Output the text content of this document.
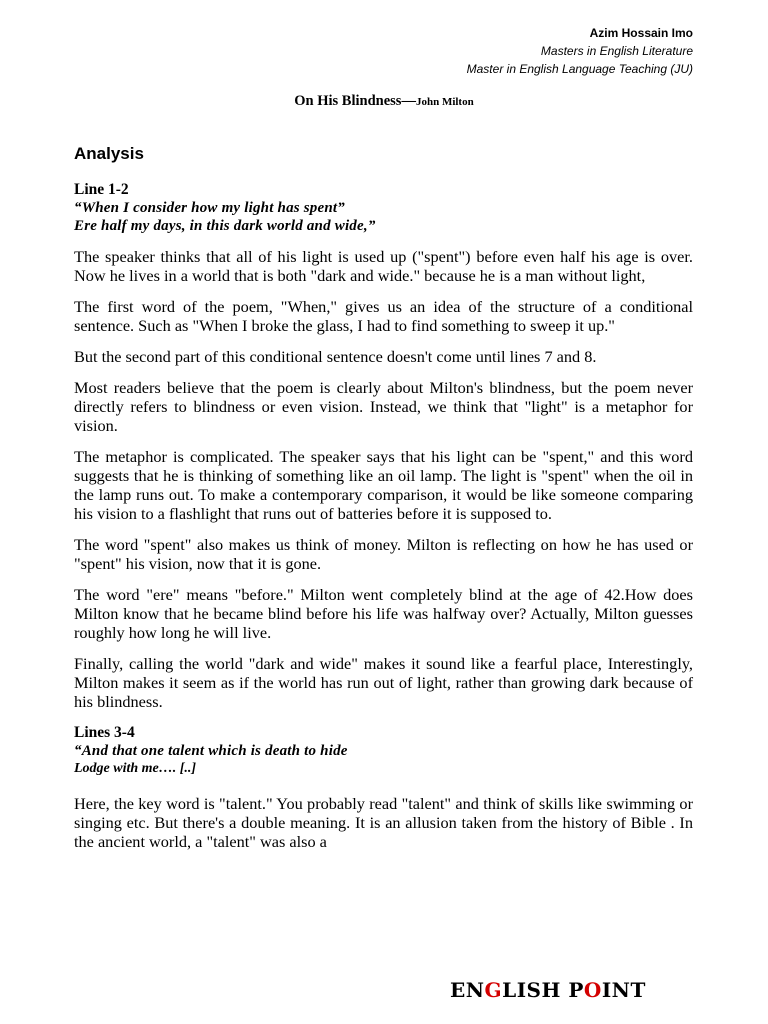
Azim Hossain Imo
Masters in English Literature
Master in English Language Teaching (JU)
On His Blindness—John Milton
Analysis
Line 1-2
“When I consider how my light has spent”
Ere half my days, in this dark world and wide,”

The speaker thinks that all of his light is used up ("spent") before even half his age is over. Now he lives in a world that is both "dark and wide." because he is a man without light,

The first word of the poem, "When," gives us an idea of the structure of a conditional sentence. Such as "When I broke the glass, I had to find something to sweep it up."

But the second part of this conditional sentence doesn't come until lines 7 and 8.

Most readers believe that the poem is clearly about Milton's blindness, but the poem never directly refers to blindness or even vision. Instead, we think that "light" is a metaphor for vision.

The metaphor is complicated. The speaker says that his light can be "spent," and this word suggests that he is thinking of something like an oil lamp. The light is "spent" when the oil in the lamp runs out. To make a contemporary comparison, it would be like someone comparing his vision to a flashlight that runs out of batteries before it is supposed to.

The word "spent" also makes us think of money. Milton is reflecting on how he has used or "spent" his vision, now that it is gone.

The word "ere" means "before." Milton went completely blind at the age of 42.How does Milton know that he became blind before his life was halfway over? Actually, Milton guesses roughly how long he will live.

Finally, calling the world "dark and wide" makes it sound like a fearful place, Interestingly, Milton makes it seem as if the world has run out of light, rather than growing dark because of his blindness.

Lines 3-4
“And that one talent which is death to hide
Lodge with me…. [..]

Here, the key word is "talent." You probably read "talent" and think of skills like swimming or singing etc. But there's a double meaning. It is an allusion taken from the history of Bible . In the ancient world, a "talent" was also a

ENGLISH POINT
